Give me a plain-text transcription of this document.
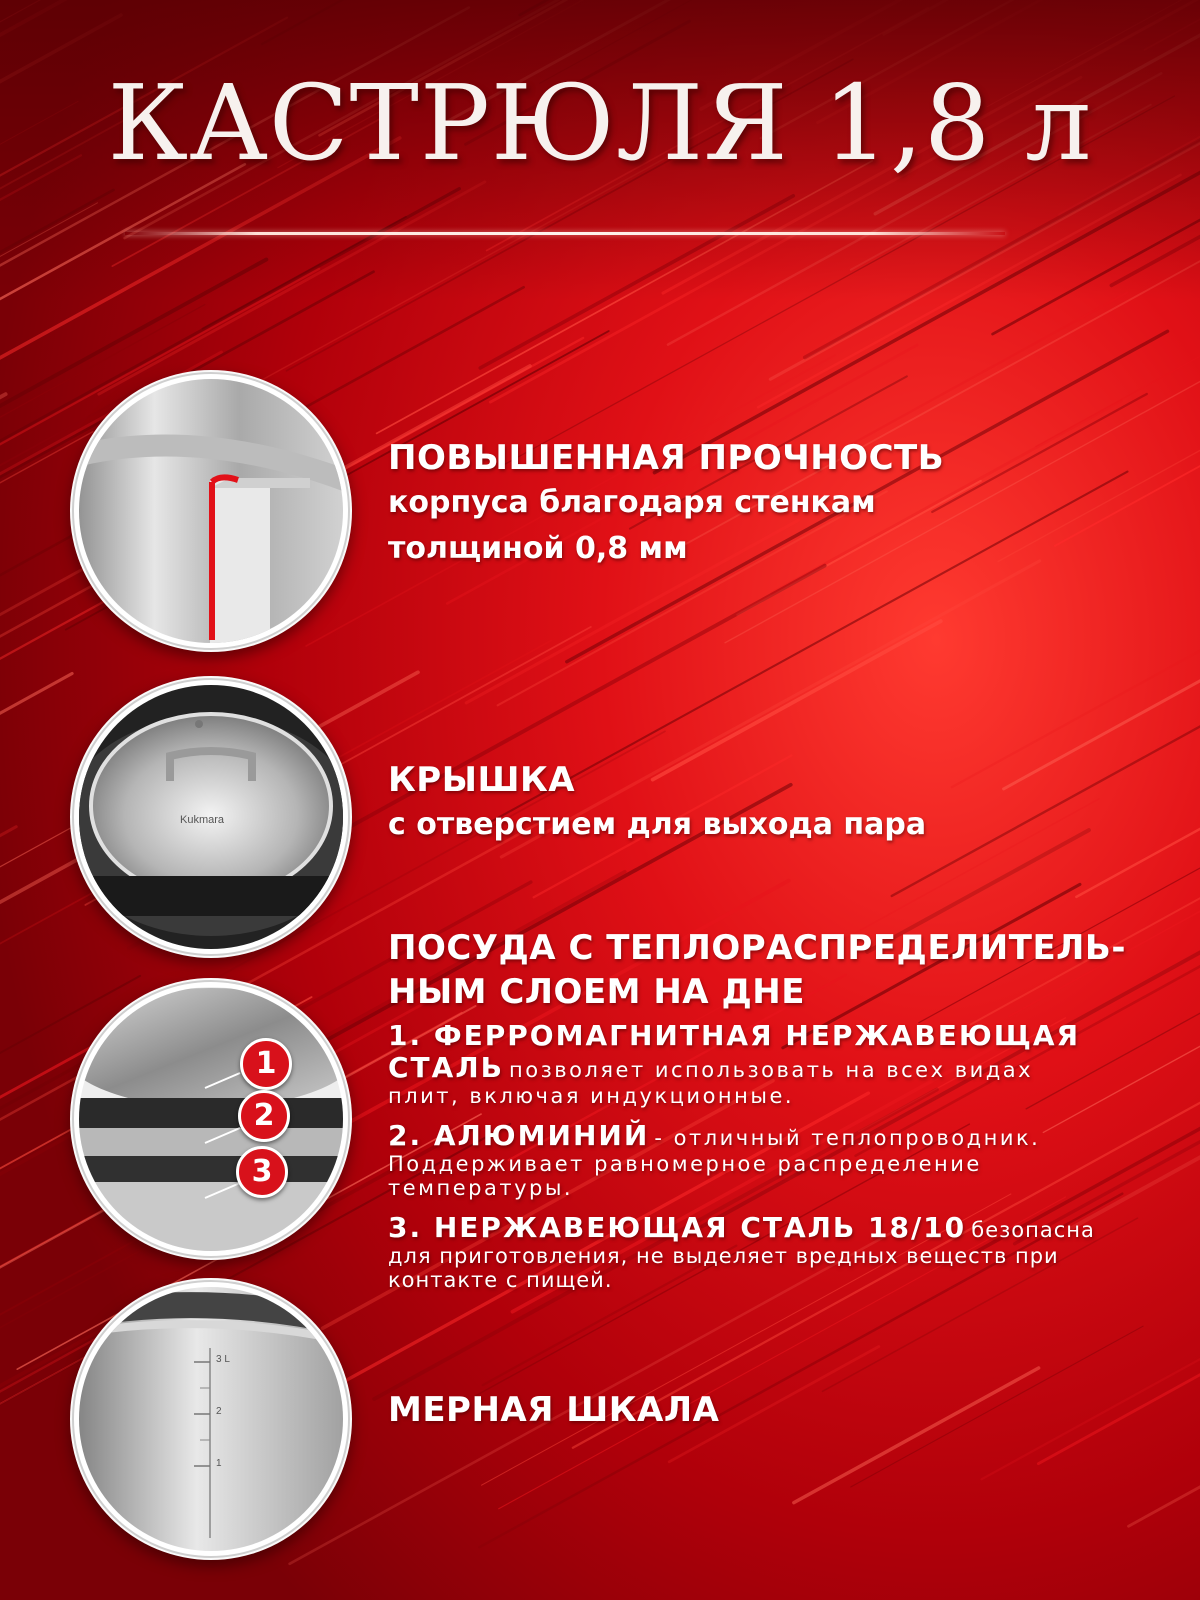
КАСТРЮЛЯ 1,8 л
ПОВЫШЕННАЯ ПРОЧНОСТЬ
корпуса благодаря стенкам
толщиной 0,8 мм
Kukmara
КРЫШКА
с отверстием для выхода пара
1
2
3
ПОСУДА С ТЕПЛОРАСПРЕДЕЛИТЕЛЬ-
НЫМ СЛОЕМ НА ДНЕ

1. ФЕРРОМАГНИТНАЯ НЕРЖАВЕЮЩАЯ СТАЛЬ позволяет использовать на всех видах плит, включая индукционные.

2. АЛЮМИНИЙ - отличный теплопроводник. Поддерживает равномерное распределение температуры.

3. НЕРЖАВЕЮЩАЯ СТАЛЬ 18/10 безопасна для приготовления, не выделяет вредных веществ при контакте с пищей.

3 L
2
1
МЕРНАЯ ШКАЛА
